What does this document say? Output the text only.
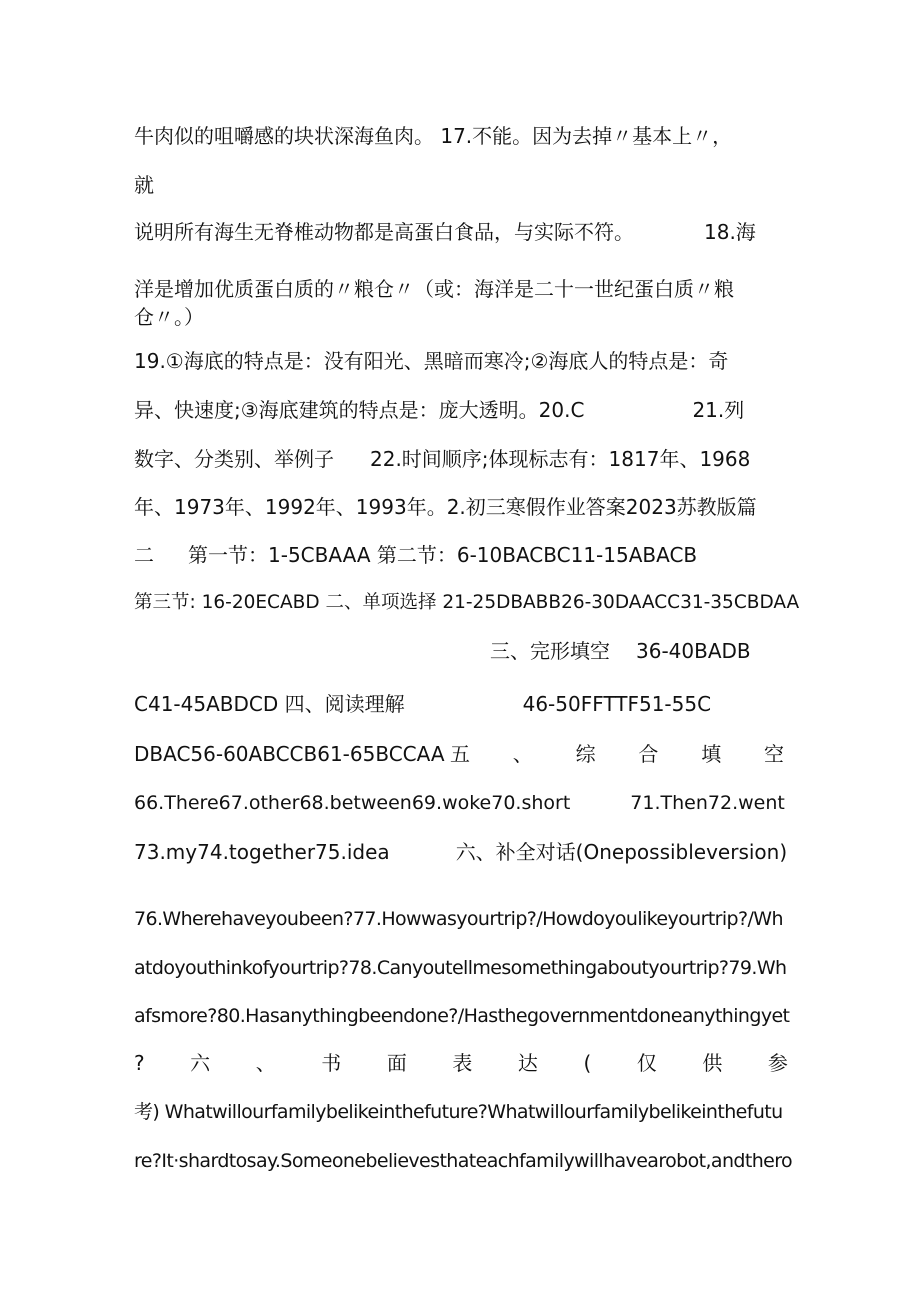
牛肉似的咀嚼感的块状深海鱼肉。 17.不能。因为去掉〃基本上〃，
就
说明所有海生无脊椎动物都是高蛋白食品，与实际不符。	18.海
洋是增加优质蛋白质的〃粮仓〃（或：海洋是二十一世纪蛋白质〃粮
仓〃。）
19.①海底的特点是：没有阳光、黑暗而寒冷;②海底人的特点是：奇
异、快速度;③海底建筑的特点是：庞大透明。20.C	21.列
数字、分类别、举例子 22.时间顺序;体现标志有：1817年、1968
年、1973年、1992年、1993年。2.初三寒假作业答案2023苏教版篇
二 第一节：1-5CBAAA 第二节：6-10BACBC11-15ABACB
第三节: 16-20ECABD 二、单项选择 21-25DBABB26-30DAACC31-35CBDAA
三、完形填空 36-40BADB
C41-45ABDCD 四、阅读理解	46-50FFTTF51-55C
DBAC56-60ABCCB61-65BCCAA 五 、 综 合 填 空
66.There67.other68.between69.woke70.short	71.Then72.went
73.my74.together75.idea	六、补全对话(Onepossibleversion)
76.Wherehaveyoubeen?77.Howwasyourtrip?/Howdoyoulikeyourtrip?/Wh
atdoyouthinkofyourtrip?78.Canyoutellmesomethingaboutyourtrip?79.Wh
afsmore?80.Hasanythingbeendone?/Hasthegovernmentdoneanythingyet
? 六 、 书 面 表 达 ( 仅 供 参
考) Whatwillourfamilybelikeinthefuture?Whatwillourfamilybelikeinthefutu
re?It·shardtosay.Someonebelievesthateachfamilywillhavearobot,andthero
